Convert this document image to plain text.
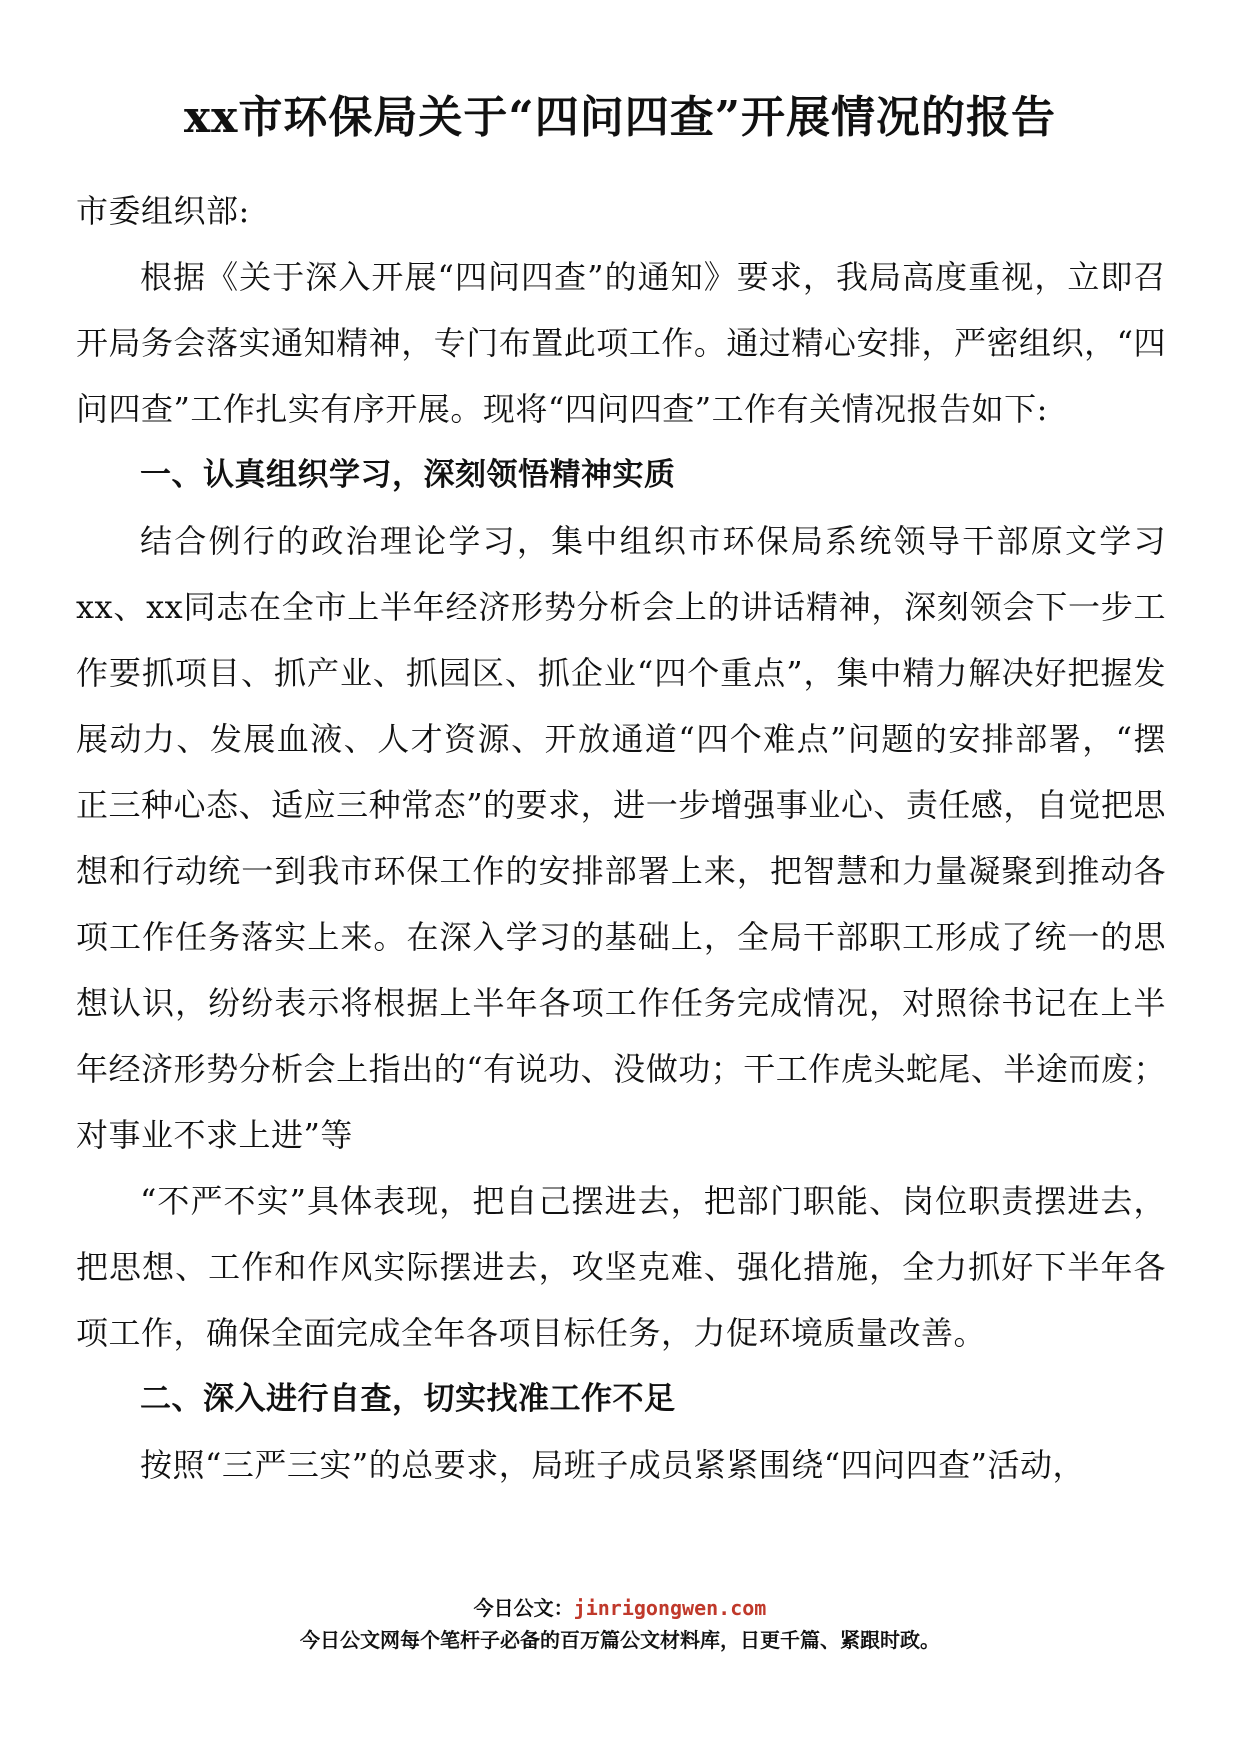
xx市环保局关于“四问四查”开展情况的报告

市委组织部:

根据《关于深入开展“四问四查”的通知》要求，我局高度重视，立即召开局务会落实通知精神，专门布置此项工作。通过精心安排，严密组织，“四问四查”工作扎实有序开展。现将“四问四查”工作有关情况报告如下:

一、认真组织学习，深刻领悟精神实质

结合例行的政治理论学习，集中组织市环保局系统领导干部原文学习xx、xx同志在全市上半年经济形势分析会上的讲话精神，深刻领会下一步工作要抓项目、抓产业、抓园区、抓企业“四个重点”，集中精力解决好把握发展动力、发展血液、人才资源、开放通道“四个难点”问题的安排部署，“摆正三种心态、适应三种常态”的要求，进一步增强事业心、责任感，自觉把思想和行动统一到我市环保工作的安排部署上来，把智慧和力量凝聚到推动各项工作任务落实上来。在深入学习的基础上，全局干部职工形成了统一的思想认识，纷纷表示将根据上半年各项工作任务完成情况，对照徐书记在上半年经济形势分析会上指出的“有说功、没做功；干工作虎头蛇尾、半途而废；对事业不求上进”等

“不严不实”具体表现，把自己摆进去，把部门职能、岗位职责摆进去，把思想、工作和作风实际摆进去，攻坚克难、强化措施，全力抓好下半年各项工作，确保全面完成全年各项目标任务，力促环境质量改善。

二、深入进行自查，切实找准工作不足

按照“三严三实”的总要求，局班子成员紧紧围绕“四问四查”活动，

今日公文：jinrigongwen.com
今日公文网每个笔杆子必备的百万篇公文材料库，日更千篇、紧跟时政。
